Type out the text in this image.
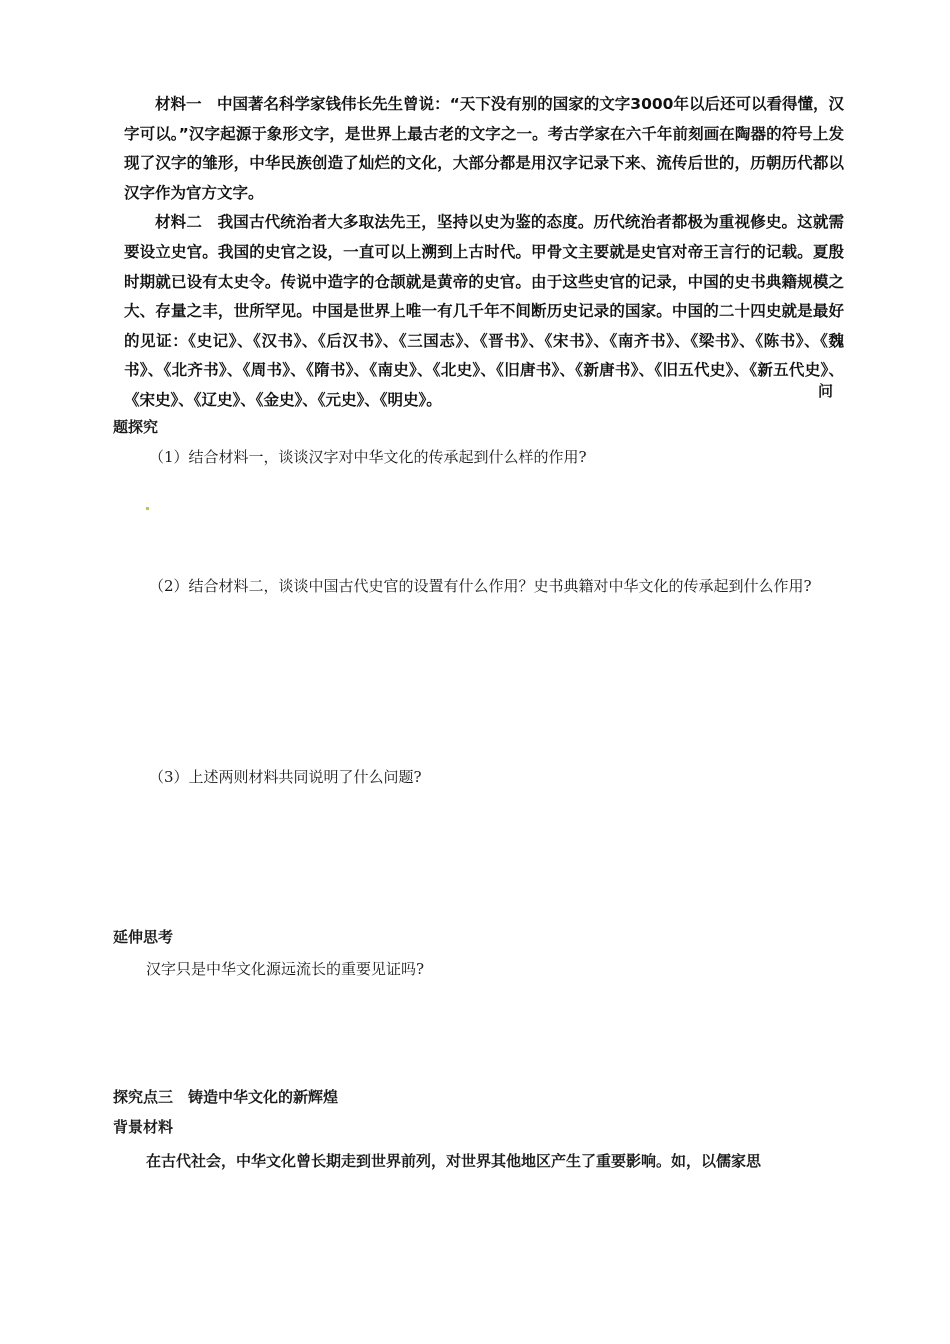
材料一　中国著名科学家钱伟长先生曾说：“天下没有别的国家的文字3000年以后还可以看得懂，汉字可以。”汉字起源于象形文字，是世界上最古老的文字之一。考古学家在六千年前刻画在陶器的符号上发现了汉字的雏形，中华民族创造了灿烂的文化，大部分都是用汉字记录下来、流传后世的，历朝历代都以汉字作为官方文字。

材料二　我国古代统治者大多取法先王，坚持以史为鉴的态度。历代统治者都极为重视修史。这就需要设立史官。我国的史官之设，一直可以上溯到上古时代。甲骨文主要就是史官对帝王言行的记载。夏殷时期就已设有太史令。传说中造字的仓颉就是黄帝的史官。由于这些史官的记录，中国的史书典籍规模之大、存量之丰，世所罕见。中国是世界上唯一有几千年不间断历史记录的国家。中国的二十四史就是最好的见证：《史记》、《汉书》、《后汉书》、《三国志》、《晋书》、《宋书》、《南齐书》、《梁书》、《陈书》、《魏书》、《北齐书》、《周书》、《隋书》、《南史》、《北史》、《旧唐书》、《新唐书》、《旧五代史》、《新五代史》、《宋史》、《辽史》、《金史》、《元史》、《明史》。	问
题探究
（1）结合材料一，谈谈汉字对中华文化的传承起到什么样的作用?
（2）结合材料二，谈谈中国古代史官的设置有什么作用？史书典籍对中华文化的传承起到什么作用?
（3）上述两则材料共同说明了什么问题?
延伸思考
汉字只是中华文化源远流长的重要见证吗?
探究点三　铸造中华文化的新辉煌
背景材料
在古代社会，中华文化曾长期走到世界前列，对世界其他地区产生了重要影响。如，以儒家思
